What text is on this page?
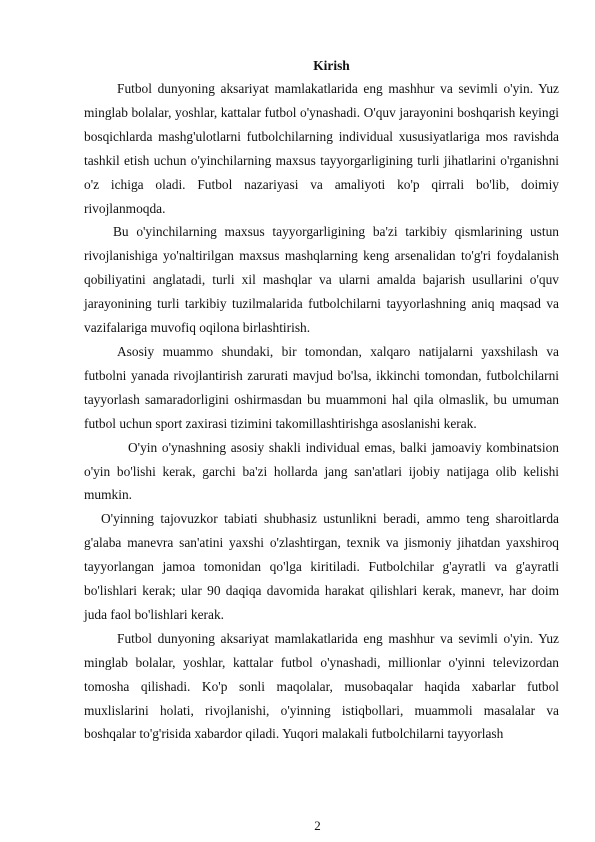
Kirish

Futbol dunyoning aksariyat mamlakatlarida eng mashhur va sevimli o'yin. Yuz minglab bolalar, yoshlar, kattalar futbol o'ynashadi. O'quv jarayonini boshqarish keyingi bosqichlarda mashg'ulotlarni futbolchilarning individual xususiyatlariga mos ravishda tashkil etish uchun o'yinchilarning maxsus tayyorgarligining turli jihatlarini o'rganishni o'z ichiga oladi. Futbol nazariyasi va amaliyoti ko'p qirrali bo'lib, doimiy rivojlanmoqda.

Bu o'yinchilarning maxsus tayyorgarligining ba'zi tarkibiy qismlarining ustun rivojlanishiga yo'naltirilgan maxsus mashqlarning keng arsenalidan to'g'ri foydalanish qobiliyatini anglatadi, turli xil mashqlar va ularni amalda bajarish usullarini o'quv jarayonining turli tarkibiy tuzilmalarida futbolchilarni tayyorlashning aniq maqsad va vazifalariga muvofiq oqilona birlashtirish.

Asosiy muammo shundaki, bir tomondan, xalqaro natijalarni yaxshilash va futbolni yanada rivojlantirish zarurati mavjud bo'lsa, ikkinchi tomondan, futbolchilarni tayyorlash samaradorligini oshirmasdan bu muammoni hal qila olmaslik, bu umuman futbol uchun sport zaxirasi tizimini takomillashtirishga asoslanishi kerak.

O'yin o'ynashning asosiy shakli individual emas, balki jamoaviy kombinatsion o'yin bo'lishi kerak, garchi ba'zi hollarda jang san'atlari ijobiy natijaga olib kelishi mumkin.

O'yinning tajovuzkor tabiati shubhasiz ustunlikni beradi, ammo teng sharoitlarda g'alaba manevra san'atini yaxshi o'zlashtirgan, texnik va jismoniy jihatdan yaxshiroq tayyorlangan jamoa tomonidan qo'lga kiritiladi. Futbolchilar g'ayratli va g'ayratli bo'lishlari kerak; ular 90 daqiqa davomida harakat qilishlari kerak, manevr, har doim juda faol bo'lishlari kerak.

Futbol dunyoning aksariyat mamlakatlarida eng mashhur va sevimli o'yin. Yuz minglab bolalar, yoshlar, kattalar futbol o'ynashadi, millionlar o'yinni televizordan tomosha qilishadi. Ko'p sonli maqolalar, musobaqalar haqida xabarlar futbol muxlislarini holati, rivojlanishi, o'yinning istiqbollari, muammoli masalalar va boshqalar to'g'risida xabardor qiladi. Yuqori malakali futbolchilarni tayyorlash

2
